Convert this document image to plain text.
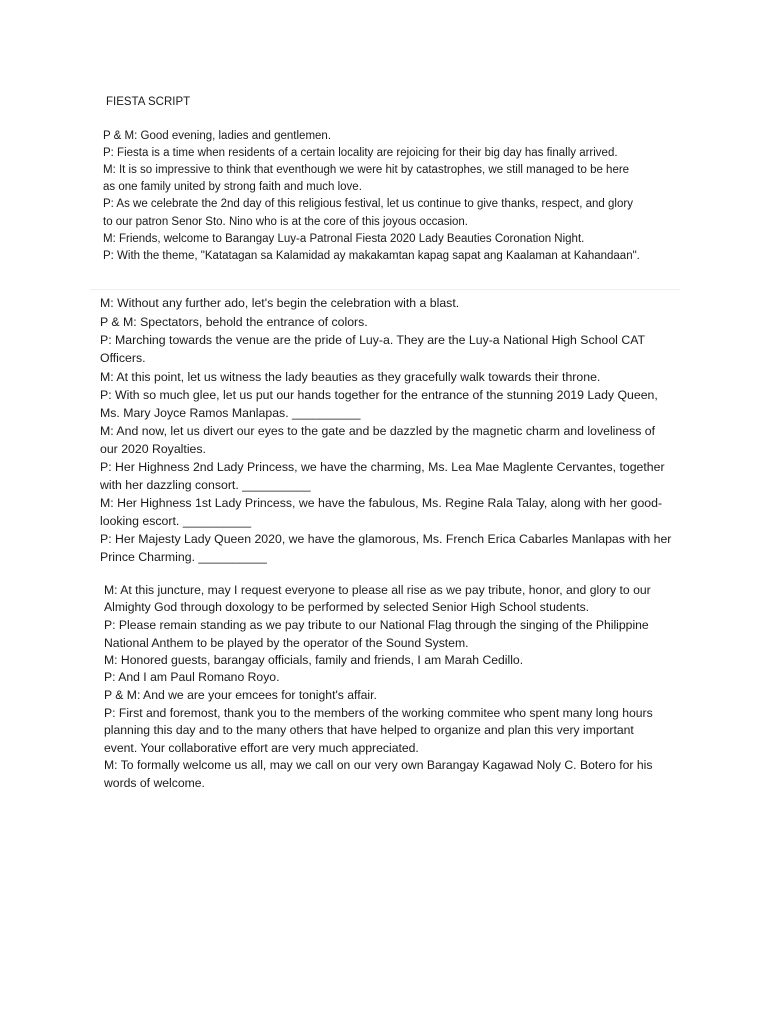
FIESTA SCRIPT
P & M: Good evening, ladies and gentlemen.
P: Fiesta is a time when residents of a certain locality are rejoicing for their big day has finally arrived.
M: It is so impressive to think that eventhough we were hit by catastrophes, we still managed to be here
as one family united by strong faith and much love.
P: As we celebrate the 2nd day of this religious festival, let us continue to give thanks, respect, and glory
to our patron Senor Sto. Nino who is at the core of this joyous occasion.
M: Friends, welcome to Barangay Luy-a Patronal Fiesta 2020 Lady Beauties Coronation Night.
P: With the theme, "Katatagan sa Kalamidad ay makakamtan kapag sapat ang Kaalaman at Kahandaan".
M: Without any further ado, let's begin the celebration with a blast.
P & M: Spectators, behold the entrance of colors.
P: Marching towards the venue are the pride of Luy-a. They are the Luy-a National High School CAT
Officers.
M: At this point, let us witness the lady beauties as they gracefully walk towards their throne.
P: With so much glee, let us put our hands together for the entrance of the stunning 2019 Lady Queen,
Ms. Mary Joyce Ramos Manlapas. __________
M: And now, let us divert our eyes to the gate and be dazzled by the magnetic charm and loveliness of
our 2020 Royalties.
P: Her Highness 2nd Lady Princess, we have the charming, Ms. Lea Mae Maglente Cervantes, together
with her dazzling consort. __________
M: Her Highness 1st Lady Princess, we have the fabulous, Ms. Regine Rala Talay, along with her good-
looking escort. __________
P: Her Majesty Lady Queen 2020, we have the glamorous, Ms. French Erica Cabarles Manlapas with her
Prince Charming. __________
M: At this juncture, may I request everyone to please all rise as we pay tribute, honor, and glory to our
Almighty God through doxology to be performed by selected Senior High School students.
P: Please remain standing as we pay tribute to our National Flag through the singing of the Philippine
National Anthem to be played by the operator of the Sound System.
M: Honored guests, barangay officials, family and friends, I am Marah Cedillo.
P: And I am Paul Romano Royo.
P & M: And we are your emcees for tonight's affair.
P: First and foremost, thank you to the members of the working commitee who spent many long hours
planning this day and to the many others that have helped to organize and plan this very important
event. Your collaborative effort are very much appreciated.
M: To formally welcome us all, may we call on our very own Barangay Kagawad Noly C. Botero for his
words of welcome.
